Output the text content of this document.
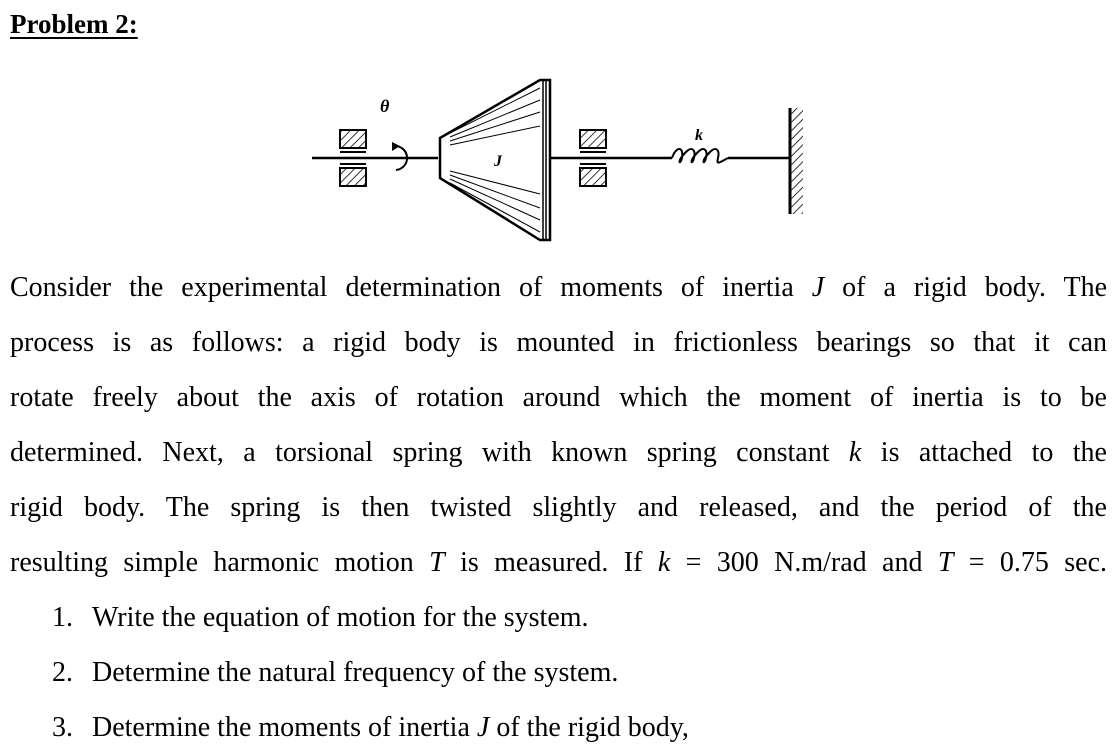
Problem 2:
θ
J
k
Consider the experimental determination of moments of inertia J of a rigid body. The
process is as follows: a rigid body is mounted in frictionless bearings so that it can
rotate freely about the axis of rotation around which the moment of inertia is to be
determined. Next, a torsional spring with known spring constant k is attached to the
rigid body. The spring is then twisted slightly and released, and the period of the
resulting simple harmonic motion T is measured. If k = 300 N.m/rad and T = 0.75 sec.
1. Write the equation of motion for the system.
2. Determine the natural frequency of the system.
3. Determine the moments of inertia J of the rigid body,
